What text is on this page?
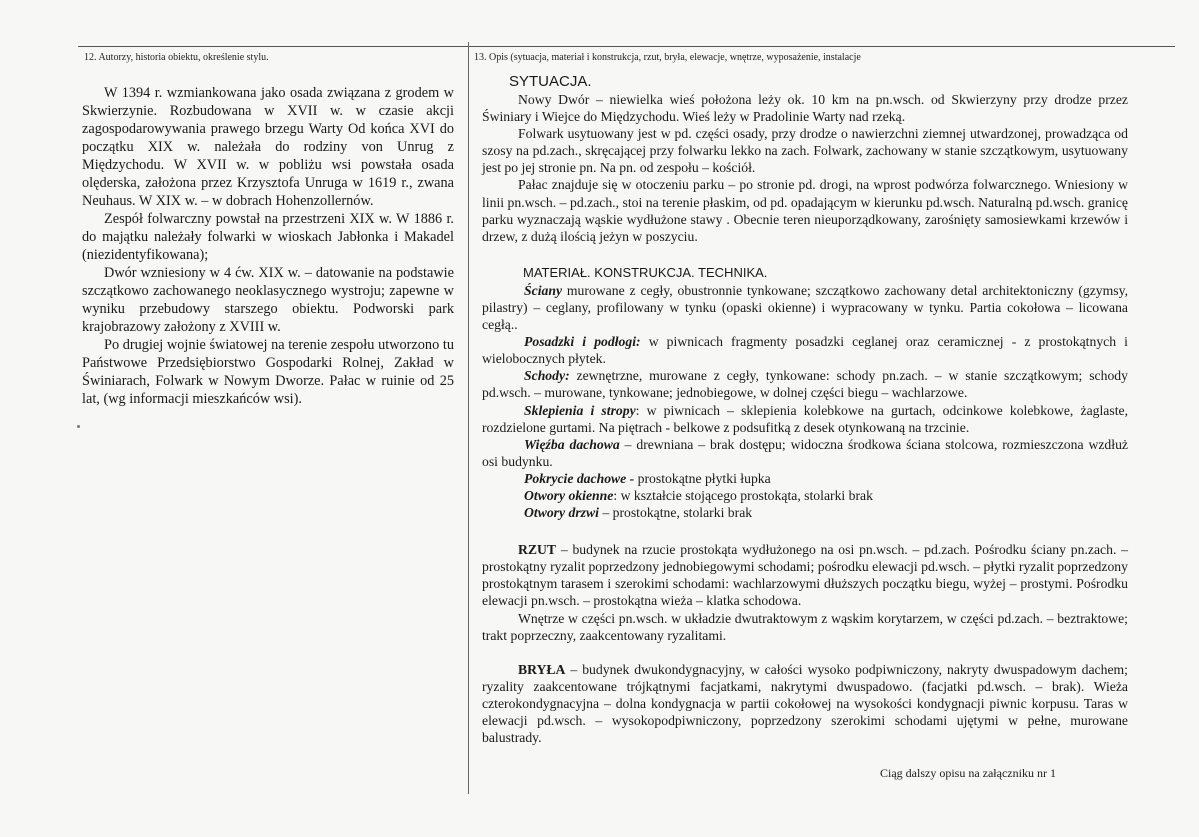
12. Autorzy, historia obiektu, określenie stylu.	13. Opis (sytuacja, materiał i konstrukcja, rzut, bryła, elewacje, wnętrze, wyposażenie, instalacje

W 1394 r. wzmiankowana jako osada związana z grodem w Skwierzynie. Rozbudowana w XVII w. w czasie akcji zagospodarowywania prawego brzegu Warty Od końca XVI do początku XIX w. należała do rodziny von Unrug z Międzychodu. W XVII w. w pobliżu wsi powstała osada olęderska, założona przez Krzysztofa Unruga w 1619 r., zwana Neuhaus. W XIX w. – w dobrach Hohenzollernów.

Zespół folwarczny powstał na przestrzeni XIX w. W 1886 r. do majątku należały folwarki w wioskach Jabłonka i Makadel (niezidentyfikowana);

Dwór wzniesiony w 4 ćw. XIX w. – datowanie na podstawie szczątkowo zachowanego neoklasycznego wystroju; zapewne w wyniku przebudowy starszego obiektu. Podworski park krajobrazowy założony z XVIII w.

Po drugiej wojnie światowej na terenie zespołu utworzono tu Państwowe Przedsiębiorstwo Gospodarki Rolnej, Zakład w Świniarach, Folwark w Nowym Dworze. Pałac w ruinie od 25 lat, (wg informacji mieszkańców wsi).

SYTUACJA.

Nowy Dwór – niewielka wieś położona leży ok. 10 km na pn.wsch. od Skwierzyny przy drodze przez Świniary i Wiejce do Międzychodu. Wieś leży w Pradolinie Warty nad rzeką.

Folwark usytuowany jest w pd. części osady, przy drodze o nawierzchni ziemnej utwardzonej, prowadząca od szosy na pd.zach., skręcającej przy folwarku lekko na zach. Folwark, zachowany w stanie szczątkowym, usytuowany jest po jej stronie pn. Na pn. od zespołu – kościół.

Pałac znajduje się w otoczeniu parku – po stronie pd. drogi, na wprost podwórza folwarcznego. Wniesiony w linii pn.wsch. – pd.zach., stoi na terenie płaskim, od pd. opadającym w kierunku pd.wsch. Naturalną pd.wsch. granicę parku wyznaczają wąskie wydłużone stawy . Obecnie teren nieuporządkowany, zarośnięty samosiewkami krzewów i drzew, z dużą ilością jeżyn w poszyciu.

MATERIAŁ. KONSTRUKCJA. TECHNIKA.

Ściany murowane z cegły, obustronnie tynkowane; szczątkowo zachowany detal architektoniczny (gzymsy, pilastry) – ceglany, profilowany w tynku (opaski okienne) i wypracowany w tynku. Partia cokołowa – licowana cegłą..

Posadzki i podłogi: w piwnicach fragmenty posadzki ceglanej oraz ceramicznej - z prostokątnych i wielobocznych płytek.

Schody: zewnętrzne, murowane z cegły, tynkowane: schody pn.zach. – w stanie szczątkowym; schody pd.wsch. – murowane, tynkowane; jednobiegowe, w dolnej części biegu – wachlarzowe.

Sklepienia i stropy: w piwnicach – sklepienia kolebkowe na gurtach, odcinkowe kolebkowe, żaglaste, rozdzielone gurtami. Na piętrach - belkowe z podsufitką z desek otynkowaną na trzcinie.

Więźba dachowa – drewniana – brak dostępu; widoczna środkowa ściana stolcowa, rozmieszczona wzdłuż osi budynku.

Pokrycie dachowe - prostokątne płytki łupka

Otwory okienne: w kształcie stojącego prostokąta, stolarki brak

Otwory drzwi – prostokątne, stolarki brak

RZUT – budynek na rzucie prostokąta wydłużonego na osi pn.wsch. – pd.zach. Pośrodku ściany pn.zach. – prostokątny ryzalit poprzedzony jednobiegowymi schodami; pośrodku elewacji pd.wsch. – płytki ryzalit poprzedzony prostokątnym tarasem i szerokimi schodami: wachlarzowymi dłuższych początku biegu, wyżej – prostymi. Pośrodku elewacji pn.wsch. – prostokątna wieża – klatka schodowa.

Wnętrze w części pn.wsch. w układzie dwutraktowym z wąskim korytarzem, w części pd.zach. – beztraktowe; trakt poprzeczny, zaakcentowany ryzalitami.

BRYŁA – budynek dwukondygnacyjny, w całości wysoko podpiwniczony, nakryty dwuspadowym dachem; ryzality zaakcentowane trójkątnymi facjatkami, nakrytymi dwuspadowo. (facjatki pd.wsch. – brak). Wieża czterokondygnacyjna – dolna kondygnacja w partii cokołowej na wysokości kondygnacji piwnic korpusu. Taras w elewacji pd.wsch. – wysokopodpiwniczony, poprzedzony szerokimi schodami ujętymi w pełne, murowane balustrady.

Ciąg dalszy opisu na załączniku nr 1
